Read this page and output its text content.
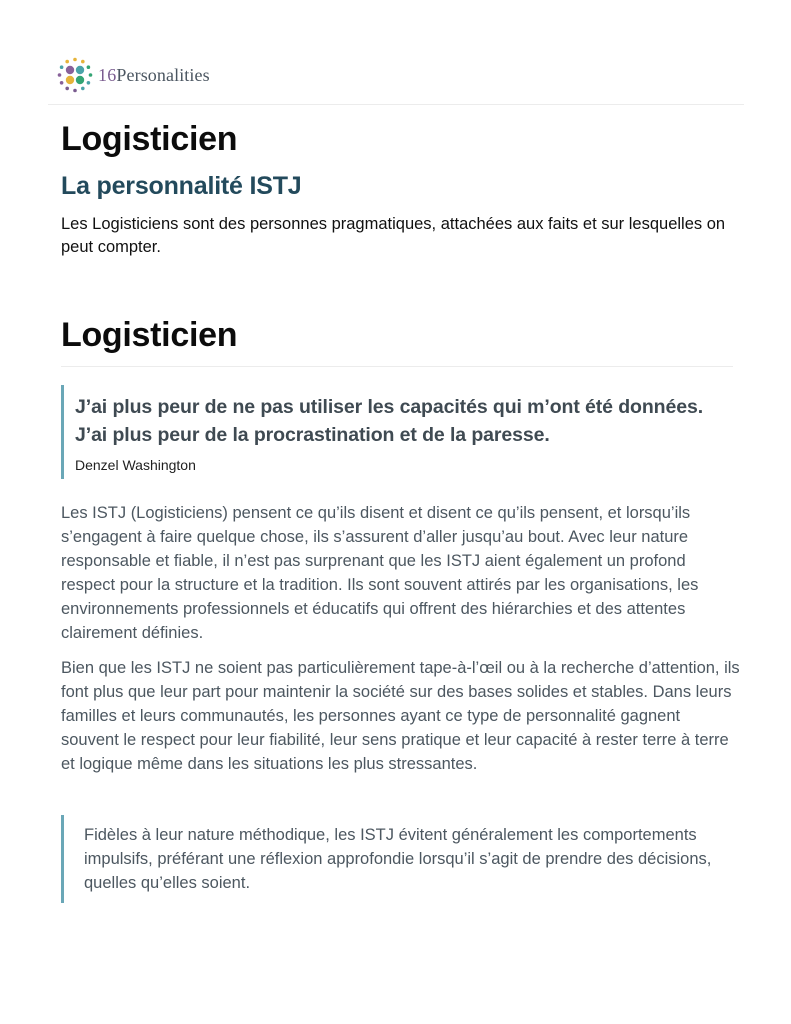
16 Personalities
Logisticien
La personnalité ISTJ

Les Logisticiens sont des personnes pragmatiques, attachées aux faits et sur lesquelles on peut compter.

Logisticien

J’ai plus peur de ne pas utiliser les capacités qui m’ont été données. J’ai plus peur de la procrastination et de la paresse.

Denzel Washington

Les ISTJ (Logisticiens) pensent ce qu’ils disent et disent ce qu’ils pensent, et lorsqu’ils s’engagent à faire quelque chose, ils s’assurent d’aller jusqu’au bout. Avec leur nature responsable et fiable, il n’est pas surprenant que les ISTJ aient également un profond respect pour la structure et la tradition. Ils sont souvent attirés par les organisations, les environnements professionnels et éducatifs qui offrent des hiérarchies et des attentes clairement définies.

Bien que les ISTJ ne soient pas particulièrement tape-à-l’œil ou à la recherche d’attention, ils font plus que leur part pour maintenir la société sur des bases solides et stables. Dans leurs familles et leurs communautés, les personnes ayant ce type de personnalité gagnent souvent le respect pour leur fiabilité, leur sens pratique et leur capacité à rester terre à terre et logique même dans les situations les plus stressantes.

Fidèles à leur nature méthodique, les ISTJ évitent généralement les comportements impulsifs, préférant une réflexion approfondie lorsqu’il s’agit de prendre des décisions, quelles qu’elles soient.
